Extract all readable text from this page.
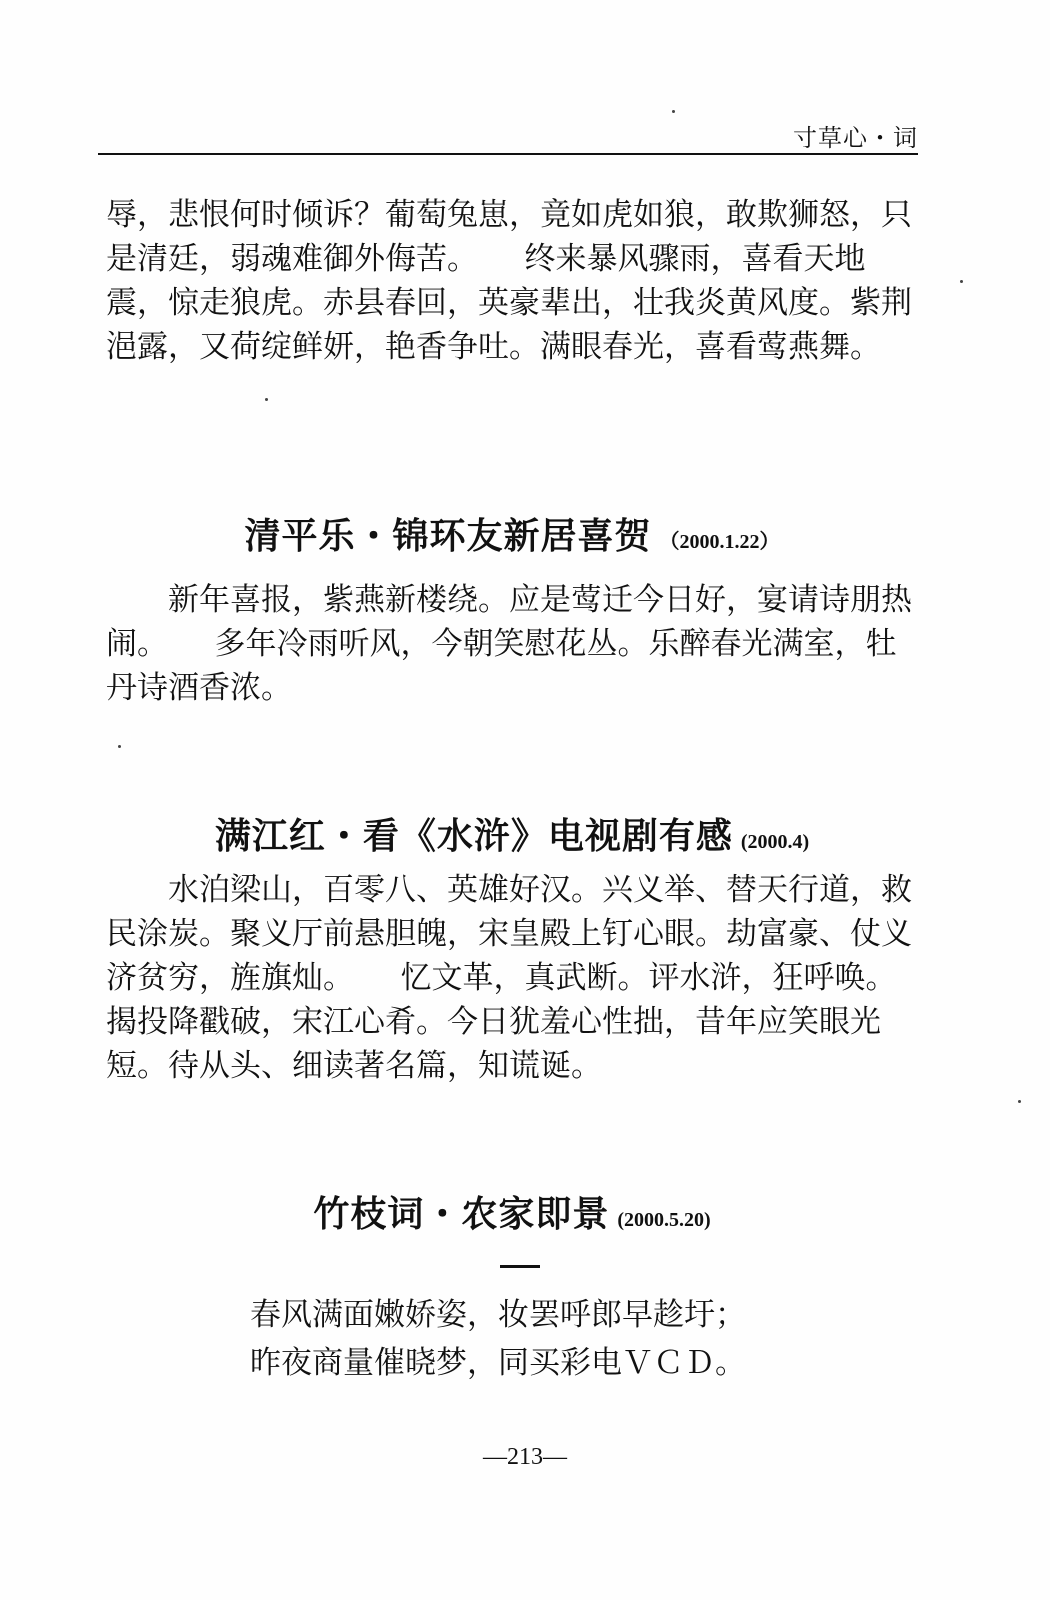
寸草心・词

辱，悲恨何时倾诉？葡萄兔崽，竟如虎如狼，敢欺狮怒，只是清廷，弱魂难御外侮苦。　　终来暴风骤雨，喜看天地震，惊走狼虎。赤县春回，英豪辈出，壮我炎黄风度。紫荆浥露，又荷绽鲜妍，艳香争吐。满眼春光，喜看莺燕舞。

清平乐・锦环友新居喜贺 （2000.1.22）

新年喜报，紫燕新楼绕。应是莺迁今日好，宴请诗朋热闹。　　多年冷雨听风，今朝笑慰花丛。乐醉春光满室，牡丹诗酒香浓。

满江红・看《水浒》电视剧有感 (2000.4)

水泊梁山，百零八、英雄好汉。兴义举、替天行道，救民涂炭。聚义厅前悬胆魄，宋皇殿上钉心眼。劫富豪、仗义济贫穷，旌旗灿。　　忆文革，真武断。评水浒，狂呼唤。揭投降戳破，宋江心肴。今日犹羞心性拙，昔年应笑眼光短。待从头、细读著名篇，知谎诞。

竹枝词・农家即景 (2000.5.20)

春风满面嫩娇姿，妆罢呼郎早趁圩；

昨夜商量催晓梦，同买彩电ＶＣＤ。

—213—
